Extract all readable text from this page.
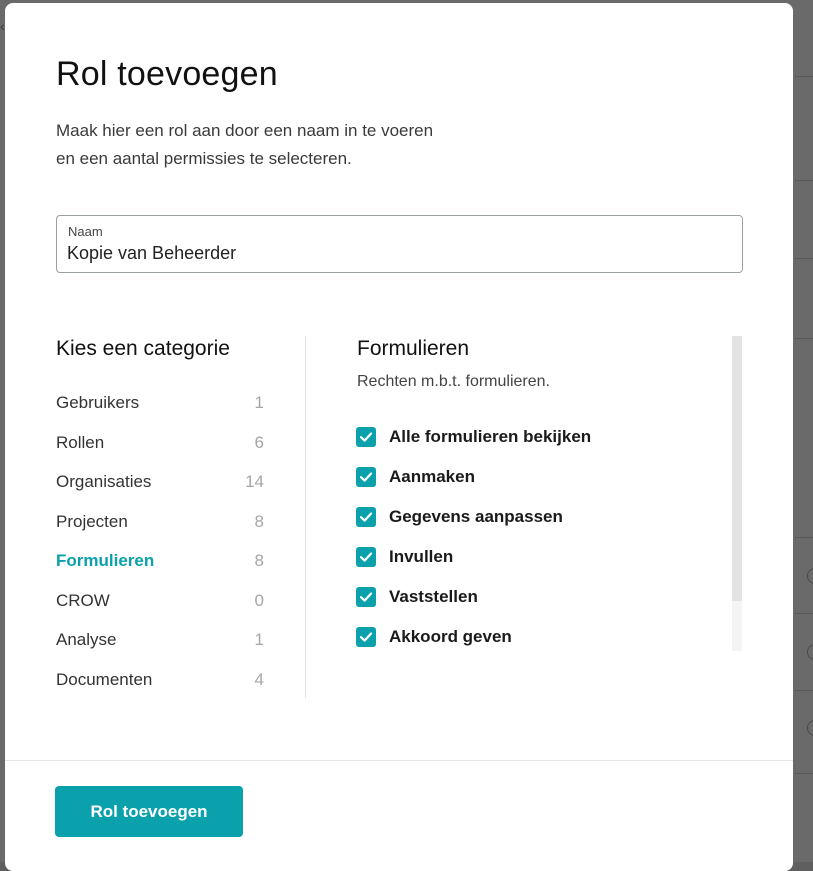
‹
Rol toevoegen
Maak hier een rol aan door een naam in te voeren
en een aantal permissies te selecteren.
Naam
Kopie van Beheerder
Kies een categorie
Gebruikers	1
Rollen	6
Organisaties	14
Projecten	8
Formulieren	8
CROW	0
Analyse	1
Documenten	4
Formulieren
Rechten m.b.t. formulieren.
Alle formulieren bekijken
Aanmaken
Gegevens aanpassen
Invullen
Vaststellen
Akkoord geven
Rol toevoegen
